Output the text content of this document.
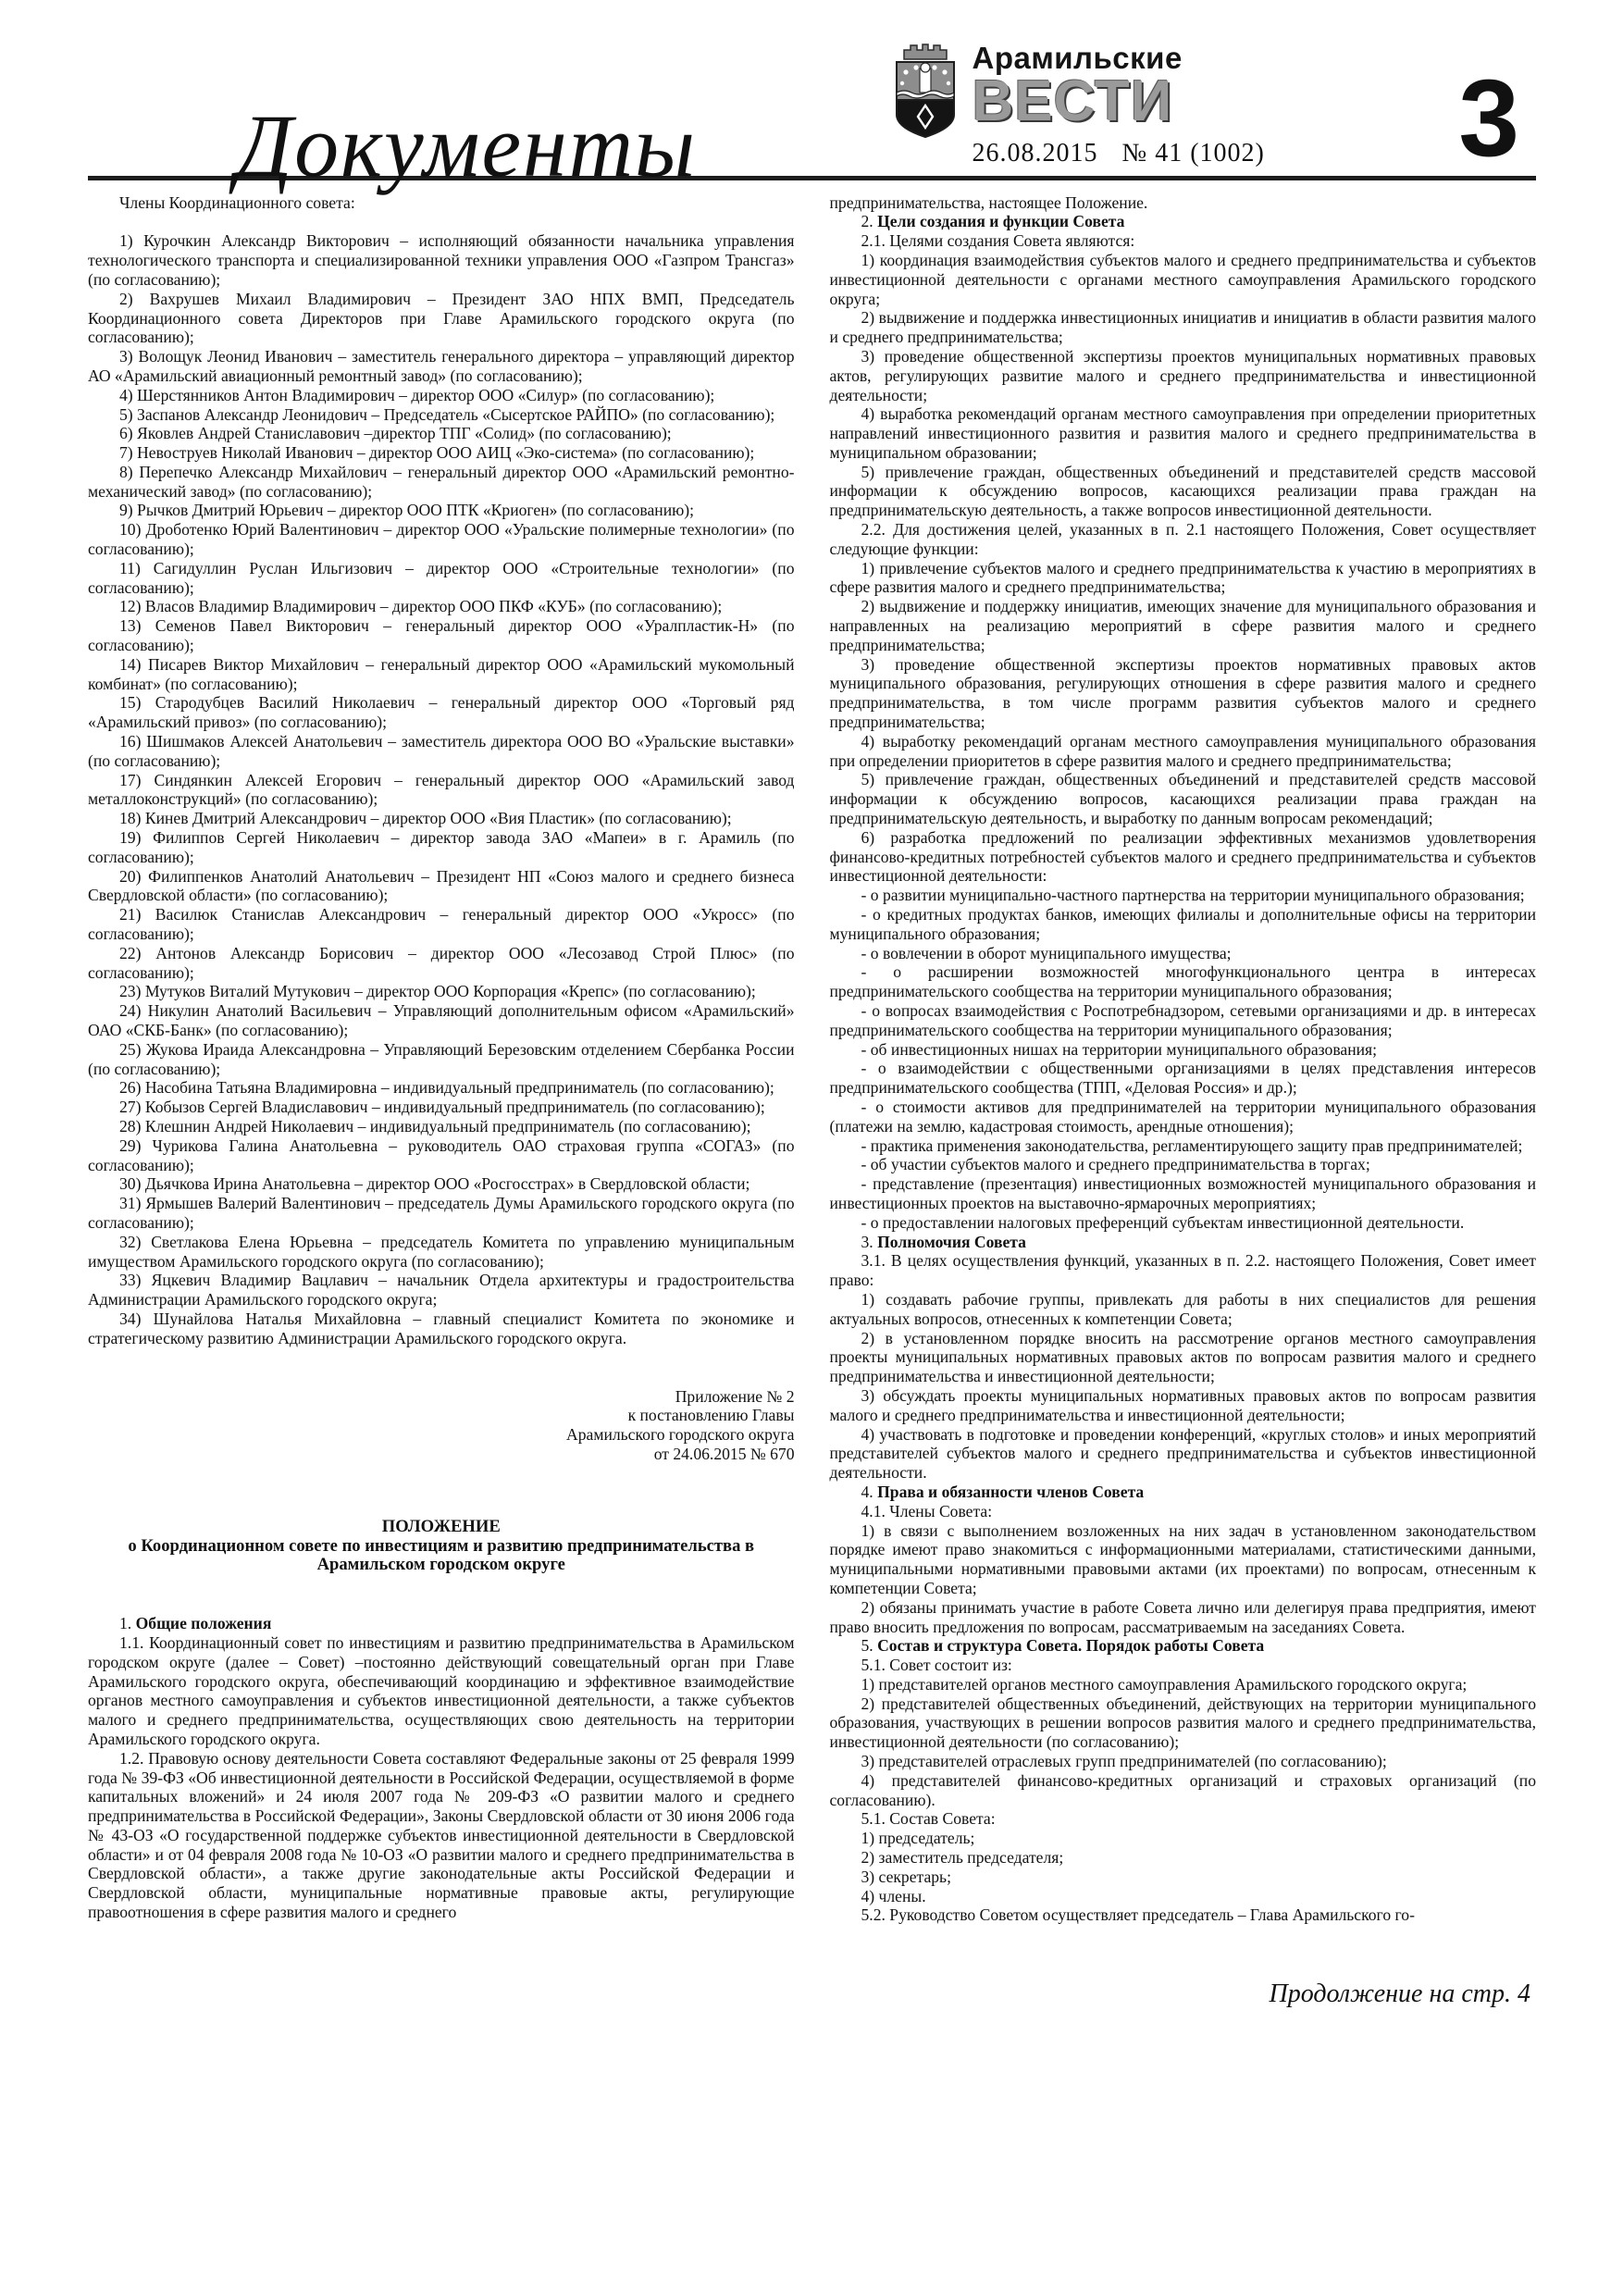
Документы
Арамильские
ВЕСТИ
26.08.2015 № 41 (1002) 3

Члены Координационного совета:

1) Курочкин Александр Викторович – исполняющий обязанности начальника управления технологического транспорта и специализированной техники управления ООО «Газпром Трансгаз» (по согласованию);

2) Вахрушев Михаил Владимирович – Президент ЗАО НПХ ВМП, Председатель Координационного совета Директоров при Главе Арамильского городского округа (по согласованию);

3) Волощук Леонид Иванович – заместитель генерального директора – управляющий директор АО «Арамильский авиационный ремонтный завод» (по согласованию);

4) Шерстянников Антон Владимирович – директор ООО «Силур» (по согласованию);

5) Заспанов Александр Леонидович – Председатель «Сысертское РАЙПО» (по согласованию);

6) Яковлев Андрей Станиславович –директор ТПГ «Солид» (по согласованию);

7) Невоструев Николай Иванович – директор ООО АИЦ «Эко-система» (по согласованию);

8) Перепечко Александр Михайлович – генеральный директор ООО «Арамильский ремонтно-механический завод» (по согласованию);

9) Рычков Дмитрий Юрьевич – директор ООО ПТК «Криоген» (по согласованию);

10) Дроботенко Юрий Валентинович – директор ООО «Уральские полимерные технологии» (по согласованию);

11) Сагидуллин Руслан Ильгизович – директор ООО «Строительные технологии» (по согласованию);

12) Власов Владимир Владимирович – директор ООО ПКФ «КУБ» (по согласованию);

13) Семенов Павел Викторович – генеральный директор ООО «Уралпластик-Н» (по согласованию);

14) Писарев Виктор Михайлович – генеральный директор ООО «Арамильский мукомольный комбинат» (по согласованию);

15) Стародубцев Василий Николаевич – генеральный директор ООО «Торговый ряд «Арамильский привоз» (по согласованию);

16) Шишмаков Алексей Анатольевич – заместитель директора ООО ВО «Уральские выставки» (по согласованию);

17) Синдянкин Алексей Егорович – генеральный директор ООО «Арамильский завод металлоконструкций» (по согласованию);

18) Кинев Дмитрий Александрович – директор ООО «Вия Пластик» (по согласованию);

19) Филиппов Сергей Николаевич – директор завода ЗАО «Мапеи» в г. Арамиль (по согласованию);

20) Филиппенков Анатолий Анатольевич – Президент НП «Союз малого и среднего бизнеса Свердловской области» (по согласованию);

21) Василюк Станислав Александрович – генеральный директор ООО «Укросс» (по согласованию);

22) Антонов Александр Борисович – директор ООО «Лесозавод Строй Плюс» (по согласованию);

23) Мутуков Виталий Мутукович – директор ООО Корпорация «Крепс» (по согласованию);

24) Никулин Анатолий Васильевич – Управляющий дополнительным офисом «Арамильский» ОАО «СКБ-Банк» (по согласованию);

25) Жукова Ираида Александровна – Управляющий Березовским отделением Сбербанка России (по согласованию);

26) Насобина Татьяна Владимировна – индивидуальный предприниматель (по согласованию);

27) Кобызов Сергей Владиславович – индивидуальный предприниматель (по согласованию);

28) Клешнин Андрей Николаевич – индивидуальный предприниматель (по согласованию);

29) Чурикова Галина Анатольевна – руководитель ОАО страховая группа «СОГАЗ» (по согласованию);

30) Дьячкова Ирина Анатольевна – директор ООО «Росгосстрах» в Свердловской области;

31) Ярмышев Валерий Валентинович – председатель Думы Арамильского городского округа (по согласованию);

32) Светлакова Елена Юрьевна – председатель Комитета по управлению муниципальным имуществом Арамильского городского округа (по согласованию);

33) Яцкевич Владимир Вацлавич – начальник Отдела архитектуры и градостроительства Администрации Арамильского городского округа;

34) Шунайлова Наталья Михайловна – главный специалист Комитета по экономике и стратегическому развитию Администрации Арамильского городского округа.

Приложение № 2

к постановлению Главы

Арамильского городского округа

от 24.06.2015 № 670

ПОЛОЖЕНИЕ

о Координационном совете по инвестициям и развитию предпринимательства в Арамильском городском округе

1. Общие положения

1.1. Координационный совет по инвестициям и развитию предпринимательства в Арамильском городском округе (далее – Совет) –постоянно действующий совещательный орган при Главе Арамильского городского округа, обеспечивающий координацию и эффективное взаимодействие органов местного самоуправления и субъектов инвестиционной деятельности, а также субъектов малого и среднего предпринимательства, осуществляющих свою деятельность на территории Арамильского городского округа.

1.2. Правовую основу деятельности Совета составляют Федеральные законы от 25 февраля 1999 года № 39-ФЗ «Об инвестиционной деятельности в Российской Федерации, осуществляемой в форме капитальных вложений» и 24 июля 2007 года № 209-ФЗ «О развитии малого и среднего предпринимательства в Российской Федерации», Законы Свердловской области от 30 июня 2006 года № 43-ОЗ «О государственной поддержке субъектов инвестиционной деятельности в Свердловской области» и от 04 февраля 2008 года № 10-ОЗ «О развитии малого и среднего предпринимательства в Свердловской области», а также другие законодательные акты Российской Федерации и Свердловской области, муниципальные нормативные правовые акты, регулирующие правоотношения в сфере развития малого и среднего

предпринимательства, настоящее Положение.

2. Цели создания и функции Совета

2.1. Целями создания Совета являются:

1) координация взаимодействия субъектов малого и среднего предпринимательства и субъектов инвестиционной деятельности с органами местного самоуправления Арамильского городского округа;

2) выдвижение и поддержка инвестиционных инициатив и инициатив в области развития малого и среднего предпринимательства;

3) проведение общественной экспертизы проектов муниципальных нормативных правовых актов, регулирующих развитие малого и среднего предпринимательства и инвестиционной деятельности;

4) выработка рекомендаций органам местного самоуправления при определении приоритетных направлений инвестиционного развития и развития малого и среднего предпринимательства в муниципальном образовании;

5) привлечение граждан, общественных объединений и представителей средств массовой информации к обсуждению вопросов, касающихся реализации права граждан на предпринимательскую деятельность, а также вопросов инвестиционной деятельности.

2.2. Для достижения целей, указанных в п. 2.1 настоящего Положения, Совет осуществляет следующие функции:

1) привлечение субъектов малого и среднего предпринимательства к участию в мероприятиях в сфере развития малого и среднего предпринимательства;

2) выдвижение и поддержку инициатив, имеющих значение для муниципального образования и направленных на реализацию мероприятий в сфере развития малого и среднего предпринимательства;

3) проведение общественной экспертизы проектов нормативных правовых актов муниципального образования, регулирующих отношения в сфере развития малого и среднего предпринимательства, в том числе программ развития субъектов малого и среднего предпринимательства;

4) выработку рекомендаций органам местного самоуправления муниципального образования при определении приоритетов в сфере развития малого и среднего предпринимательства;

5) привлечение граждан, общественных объединений и представителей средств массовой информации к обсуждению вопросов, касающихся реализации права граждан на предпринимательскую деятельность, и выработку по данным вопросам рекомендаций;

6) разработка предложений по реализации эффективных механизмов удовлетворения финансово-кредитных потребностей субъектов малого и среднего предпринимательства и субъектов инвестиционной деятельности:

- о развитии муниципально-частного партнерства на территории муниципального образования;

- о кредитных продуктах банков, имеющих филиалы и дополнительные офисы на территории муниципального образования;

- о вовлечении в оборот муниципального имущества;

- о расширении возможностей многофункционального центра в интересах предпринимательского сообщества на территории муниципального образования;

- о вопросах взаимодействия с Роспотребнадзором, сетевыми организациями и др. в интересах предпринимательского сообщества на территории муниципального образования;

- об инвестиционных нишах на территории муниципального образования;

- о взаимодействии с общественными организациями в целях представления интересов предпринимательского сообщества (ТПП, «Деловая Россия» и др.);

- о стоимости активов для предпринимателей на территории муниципального образования (платежи на землю, кадастровая стоимость, арендные отношения);

- практика применения законодательства, регламентирующего защиту прав предпринимателей;

- об участии субъектов малого и среднего предпринимательства в торгах;

- представление (презентация) инвестиционных возможностей муниципального образования и инвестиционных проектов на выставочно-ярмарочных мероприятиях;

- о предоставлении налоговых преференций субъектам инвестиционной деятельности.

3. Полномочия Совета

3.1. В целях осуществления функций, указанных в п. 2.2. настоящего Положения, Совет имеет право:

1) создавать рабочие группы, привлекать для работы в них специалистов для решения актуальных вопросов, отнесенных к компетенции Совета;

2) в установленном порядке вносить на рассмотрение органов местного самоуправления проекты муниципальных нормативных правовых актов по вопросам развития малого и среднего предпринимательства и инвестиционной деятельности;

3) обсуждать проекты муниципальных нормативных правовых актов по вопросам развития малого и среднего предпринимательства и инвестиционной деятельности;

4) участвовать в подготовке и проведении конференций, «круглых столов» и иных мероприятий представителей субъектов малого и среднего предпринимательства и субъектов инвестиционной деятельности.

4. Права и обязанности членов Совета

4.1. Члены Совета:

1) в связи с выполнением возложенных на них задач в установленном законодательством порядке имеют право знакомиться с информационными материалами, статистическими данными, муниципальными нормативными правовыми актами (их проектами) по вопросам, отнесенным к компетенции Совета;

2) обязаны принимать участие в работе Совета лично или делегируя права предприятия, имеют право вносить предложения по вопросам, рассматриваемым на заседаниях Совета.

5. Состав и структура Совета. Порядок работы Совета

5.1. Совет состоит из:

1) представителей органов местного самоуправления Арамильского городского округа;

2) представителей общественных объединений, действующих на территории муниципального образования, участвующих в решении вопросов развития малого и среднего предпринимательства, инвестиционной деятельности (по согласованию);

3) представителей отраслевых групп предпринимателей (по согласованию);

4) представителей финансово-кредитных организаций и страховых организаций (по согласованию).

5.1. Состав Совета:

1) председатель;

2) заместитель председателя;

3) секретарь;

4) члены.

5.2. Руководство Советом осуществляет председатель – Глава Арамильского го-

Продолжение на стр. 4
